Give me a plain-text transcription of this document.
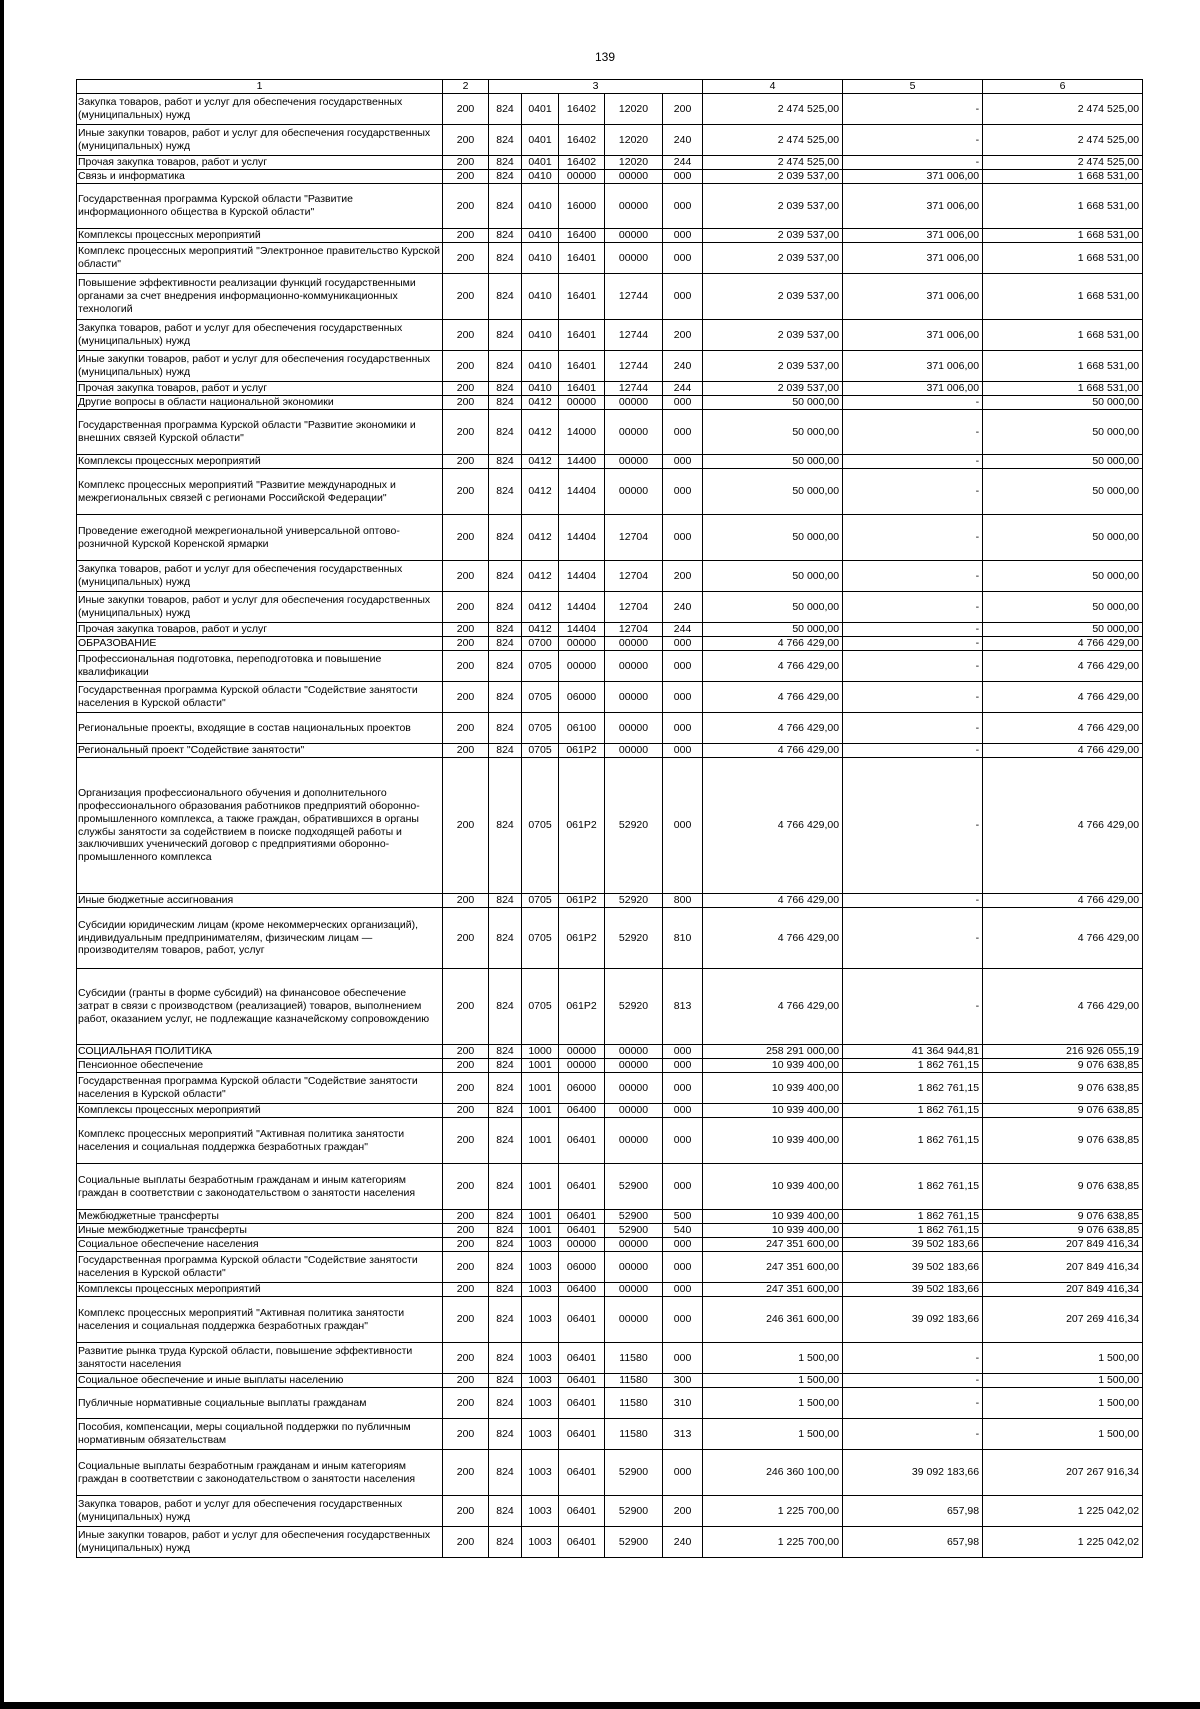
139
1	2	3					4	5	6
Закупка товаров, работ и услуг для обеспечения государственных (муниципальных) нужд	200	824	0401	16402	12020	200	2 474 525,00	-	2 474 525,00
Иные закупки товаров, работ и услуг для обеспечения государственных (муниципальных) нужд	200	824	0401	16402	12020	240	2 474 525,00	-	2 474 525,00
Прочая закупка товаров, работ и услуг	200	824	0401	16402	12020	244	2 474 525,00	-	2 474 525,00
Связь и информатика	200	824	0410	00000	00000	000	2 039 537,00	371 006,00	1 668 531,00
Государственная программа Курской области "Развитие информационного общества в Курской области"	200	824	0410	16000	00000	000	2 039 537,00	371 006,00	1 668 531,00
Комплексы процессных мероприятий	200	824	0410	16400	00000	000	2 039 537,00	371 006,00	1 668 531,00
Комплекс процессных мероприятий "Электронное правительство Курской области"	200	824	0410	16401	00000	000	2 039 537,00	371 006,00	1 668 531,00
Повышение эффективности реализации функций государственными органами за счет внедрения информационно-коммуникационных технологий	200	824	0410	16401	12744	000	2 039 537,00	371 006,00	1 668 531,00
Закупка товаров, работ и услуг для обеспечения государственных (муниципальных) нужд	200	824	0410	16401	12744	200	2 039 537,00	371 006,00	1 668 531,00
Иные закупки товаров, работ и услуг для обеспечения государственных (муниципальных) нужд	200	824	0410	16401	12744	240	2 039 537,00	371 006,00	1 668 531,00
Прочая закупка товаров, работ и услуг	200	824	0410	16401	12744	244	2 039 537,00	371 006,00	1 668 531,00
Другие вопросы в области национальной экономики	200	824	0412	00000	00000	000	50 000,00	-	50 000,00
Государственная программа Курской области "Развитие экономики и внешних связей Курской области"	200	824	0412	14000	00000	000	50 000,00	-	50 000,00
Комплексы процессных мероприятий	200	824	0412	14400	00000	000	50 000,00	-	50 000,00
Комплекс процессных мероприятий "Развитие международных и межрегиональных связей с регионами Российской Федерации"	200	824	0412	14404	00000	000	50 000,00	-	50 000,00
Проведение ежегодной межрегиональной универсальной оптово-розничной Курской Коренской ярмарки	200	824	0412	14404	12704	000	50 000,00	-	50 000,00
Закупка товаров, работ и услуг для обеспечения государственных (муниципальных) нужд	200	824	0412	14404	12704	200	50 000,00	-	50 000,00
Иные закупки товаров, работ и услуг для обеспечения государственных (муниципальных) нужд	200	824	0412	14404	12704	240	50 000,00	-	50 000,00
Прочая закупка товаров, работ и услуг	200	824	0412	14404	12704	244	50 000,00	-	50 000,00
ОБРАЗОВАНИЕ	200	824	0700	00000	00000	000	4 766 429,00	-	4 766 429,00
Профессиональная подготовка, переподготовка и повышение квалификации	200	824	0705	00000	00000	000	4 766 429,00	-	4 766 429,00
Государственная программа Курской области "Содействие занятости населения в Курской области"	200	824	0705	06000	00000	000	4 766 429,00	-	4 766 429,00
Региональные проекты, входящие в состав национальных проектов	200	824	0705	06100	00000	000	4 766 429,00	-	4 766 429,00
Региональный проект "Содействие занятости"	200	824	0705	061P2	00000	000	4 766 429,00	-	4 766 429,00
Организация профессионального обучения и дополнительного профессионального образования работников предприятий оборонно-промышленного комплекса, а также граждан, обратившихся в органы службы занятости за содействием в поиске подходящей работы и заключивших ученический договор с предприятиями оборонно-промышленного комплекса	200	824	0705	061P2	52920	000	4 766 429,00	-	4 766 429,00
Иные бюджетные ассигнования	200	824	0705	061P2	52920	800	4 766 429,00	-	4 766 429,00
Субсидии юридическим лицам (кроме некоммерческих организаций), индивидуальным предпринимателям, физическим лицам — производителям товаров, работ, услуг	200	824	0705	061P2	52920	810	4 766 429,00	-	4 766 429,00
Субсидии (гранты в форме субсидий) на финансовое обеспечение затрат в связи с производством (реализацией) товаров, выполнением работ, оказанием услуг, не подлежащие казначейскому сопровождению	200	824	0705	061P2	52920	813	4 766 429,00	-	4 766 429,00
СОЦИАЛЬНАЯ ПОЛИТИКА	200	824	1000	00000	00000	000	258 291 000,00	41 364 944,81	216 926 055,19
Пенсионное обеспечение	200	824	1001	00000	00000	000	10 939 400,00	1 862 761,15	9 076 638,85
Государственная программа Курской области "Содействие занятости населения в Курской области"	200	824	1001	06000	00000	000	10 939 400,00	1 862 761,15	9 076 638,85
Комплексы процессных мероприятий	200	824	1001	06400	00000	000	10 939 400,00	1 862 761,15	9 076 638,85
Комплекс процессных мероприятий "Активная политика занятости населения и социальная поддержка безработных граждан"	200	824	1001	06401	00000	000	10 939 400,00	1 862 761,15	9 076 638,85
Социальные выплаты безработным гражданам и иным категориям граждан в соответствии с законодательством о занятости населения	200	824	1001	06401	52900	000	10 939 400,00	1 862 761,15	9 076 638,85
Межбюджетные трансферты	200	824	1001	06401	52900	500	10 939 400,00	1 862 761,15	9 076 638,85
Иные межбюджетные трансферты	200	824	1001	06401	52900	540	10 939 400,00	1 862 761,15	9 076 638,85
Социальное обеспечение населения	200	824	1003	00000	00000	000	247 351 600,00	39 502 183,66	207 849 416,34
Государственная программа Курской области "Содействие занятости населения в Курской области"	200	824	1003	06000	00000	000	247 351 600,00	39 502 183,66	207 849 416,34
Комплексы процессных мероприятий	200	824	1003	06400	00000	000	247 351 600,00	39 502 183,66	207 849 416,34
Комплекс процессных мероприятий "Активная политика занятости населения и социальная поддержка безработных граждан"	200	824	1003	06401	00000	000	246 361 600,00	39 092 183,66	207 269 416,34
Развитие рынка труда Курской области, повышение эффективности занятости населения	200	824	1003	06401	11580	000	1 500,00	-	1 500,00
Социальное обеспечение и иные выплаты населению	200	824	1003	06401	11580	300	1 500,00	-	1 500,00
Публичные нормативные социальные выплаты гражданам	200	824	1003	06401	11580	310	1 500,00	-	1 500,00
Пособия, компенсации, меры социальной поддержки по публичным нормативным обязательствам	200	824	1003	06401	11580	313	1 500,00	-	1 500,00
Социальные выплаты безработным гражданам и иным категориям граждан в соответствии с законодательством о занятости населения	200	824	1003	06401	52900	000	246 360 100,00	39 092 183,66	207 267 916,34
Закупка товаров, работ и услуг для обеспечения государственных (муниципальных) нужд	200	824	1003	06401	52900	200	1 225 700,00	657,98	1 225 042,02
Иные закупки товаров, работ и услуг для обеспечения государственных (муниципальных) нужд	200	824	1003	06401	52900	240	1 225 700,00	657,98	1 225 042,02
